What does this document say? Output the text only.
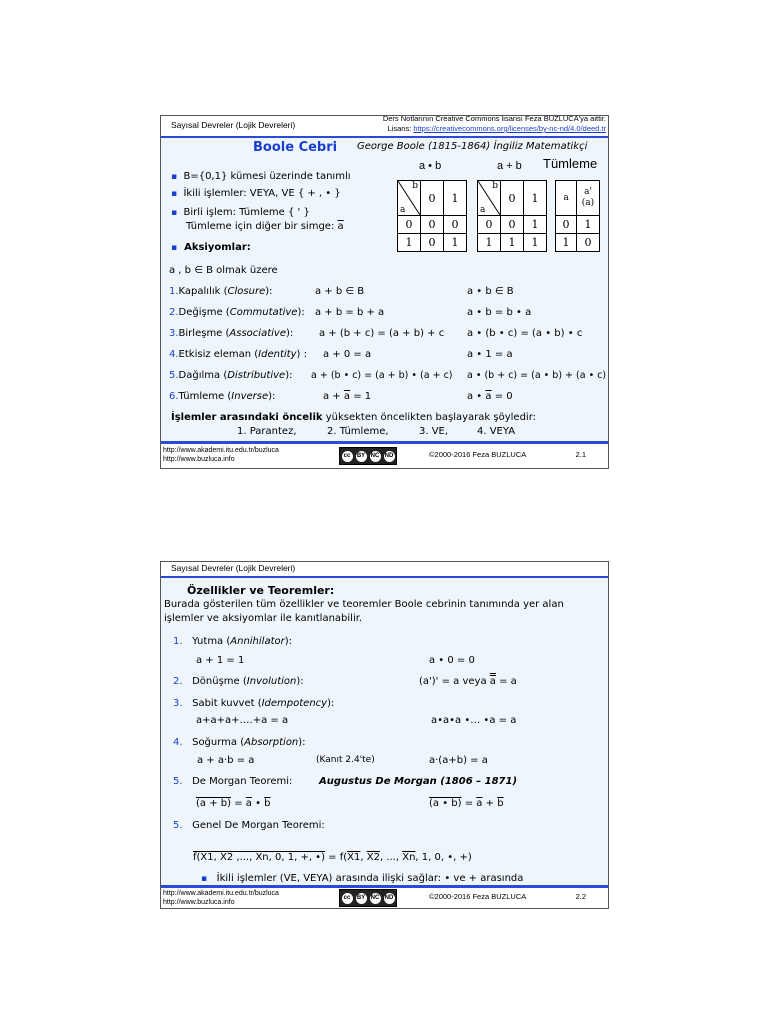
Sayısal Devreler (Lojik Devreleri)
Ders Notlarının Creative Commons lisansı Feza BUZLUCA'ya aittir.
Lisans: https://creativecommons.org/licenses/by-nc-nd/4.0/deed.tr
Boole Cebri George Boole (1815-1864) İngiliz Matematikçi
▪ B={0,1} kümesi üzerinde tanımlı
▪ İkili işlemler: VEYA, VE { + , • }
▪ Birli işlem: Tümleme { ' }
Tümleme için diğer bir simge: $\overline{a}$
▪ Aksiyomlar:
a • b	a + b Tümleme
b
a	0	1
0	0	0
1	0	1
b
a	0	1
0	0	1
1	1	1
a	a'
(a)
0	1
1	0
a , b ∈ B olmak üzere
1.Kapalılık (Closure):	a + b ∈ B	a • b ∈ B
2.Değişme (Commutative): a + b = b + a	a • b = b • a
3.Birleşme (Associative):	a + (b + c) = (a + b) + c a • (b • c) = (a • b) • c
4.Etkisiz eleman (Identity) : a + 0 = a	a • 1 = a
5.Dağılma (Distributive): a + (b • c) = (a + b) • (a + c) a • (b + c) = (a • b) + (a • c)
6.Tümleme (Inverse):	$a + \overline{a} = 1$	a • $\overline{a} = 0$
İşlemler arasındaki öncelik yüksekten öncelikten başlayarak şöyledir:
1. Parantez,	2. Tümleme,	3. VE,	4. VEYA
http://www.akademi.itu.edu.tr/buzluca
http://www.buzluca.info
cc	BY NC ND	©2000-2016 Feza BUZLUCA	2.1
Sayısal Devreler (Lojik Devreleri)
Özellikler ve Teoremler:
Burada gösterilen tüm özellikler ve teoremler Boole cebrinin tanımında yer alan
işlemler ve aksiyomlar ile kanıtlanabilir.
1. Yutma (Annihilator):
a + 1 = 1	a • 0 = 0
2. Dönüşme (Involution):	(a')' = a veya a = a
3. Sabit kuvvet (Idempotency):
a+a+a+….+a = a	a•a•a •… •a = a
4. Soğurma (Absorption):
a + a·b = a	(Kanıt 2.4'te)	a·(a+b) = a
5. De Morgan Teoremi:	Augustus De Morgan (1806 – 1871)
$(a + b) = \overline{a}$ • $\overline{b}$	(a • $b) = \overline{a} + \overline{b}$
5. Genel De Morgan Teoremi:
f(X1, X2 ,..., Xn, 0, 1, +, •) = f(X1, X2, ..., $\overline{Xn}$, 1, 0, •, +)
▪ İkili işlemler (VE, VEYA) arasında ilişki sağlar: • ve + arasında
http://www.akademi.itu.edu.tr/buzluca
http://www.buzluca.info
cc	BY NC ND	©2000-2016 Feza BUZLUCA	2.2
